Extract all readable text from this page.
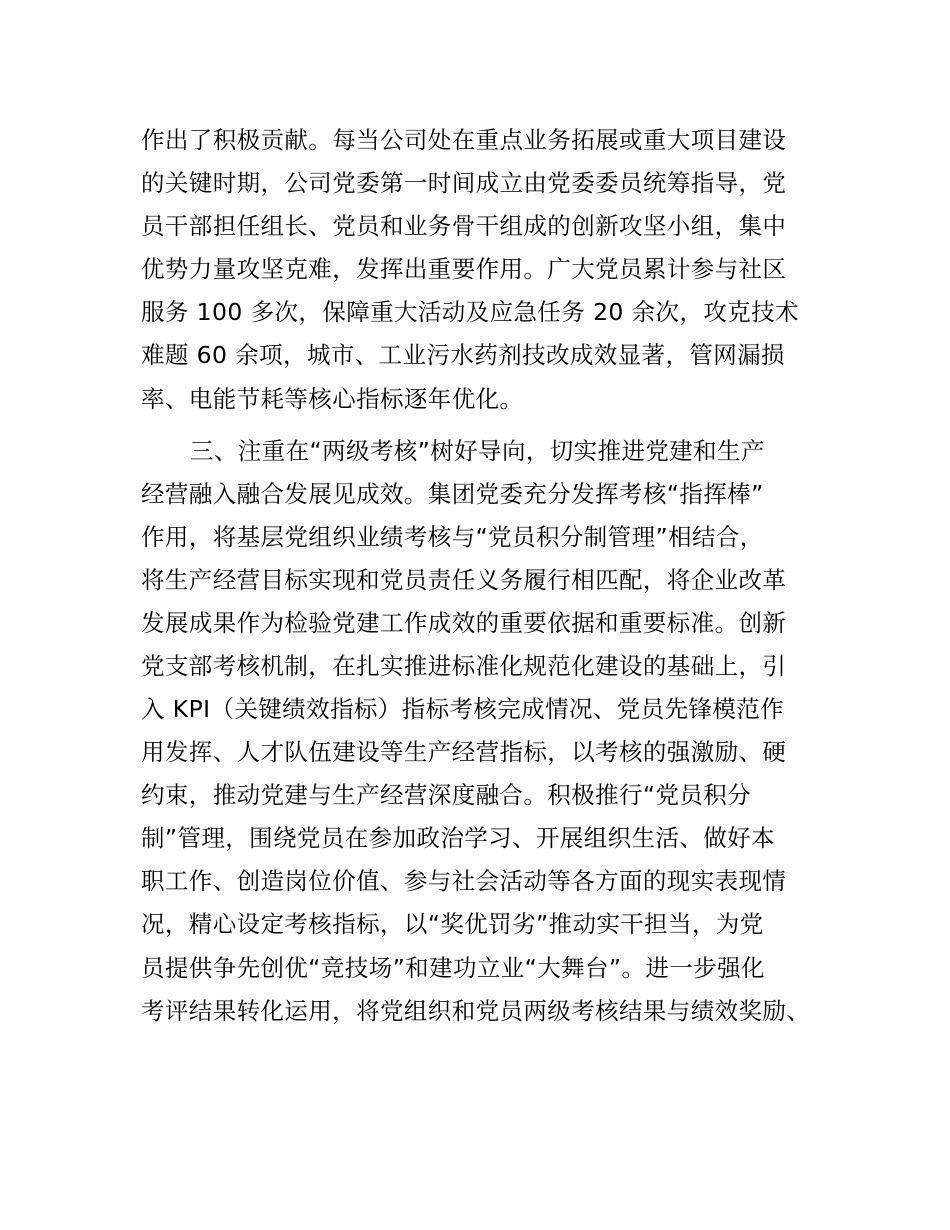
作出了积极贡献。每当公司处在重点业务拓展或重大项目建设
的关键时期，公司党委第一时间成立由党委委员统筹指导，党
员干部担任组长、党员和业务骨干组成的创新攻坚小组，集中
优势力量攻坚克难，发挥出重要作用。广大党员累计参与社区
服务 100 多次，保障重大活动及应急任务 20 余次，攻克技术
难题 60 余项，城市、工业污水药剂技改成效显著，管网漏损
率、电能节耗等核心指标逐年优化。
三、注重在“两级考核”树好导向，切实推进党建和生产
经营融入融合发展见成效。集团党委充分发挥考核“指挥棒”
作用，将基层党组织业绩考核与“党员积分制管理”相结合，
将生产经营目标实现和党员责任义务履行相匹配，将企业改革
发展成果作为检验党建工作成效的重要依据和重要标准。创新
党支部考核机制，在扎实推进标准化规范化建设的基础上，引
入 KPI（关键绩效指标）指标考核完成情况、党员先锋模范作
用发挥、人才队伍建设等生产经营指标，以考核的强激励、硬
约束，推动党建与生产经营深度融合。积极推行“党员积分
制”管理，围绕党员在参加政治学习、开展组织生活、做好本
职工作、创造岗位价值、参与社会活动等各方面的现实表现情
况，精心设定考核指标，以“奖优罚劣”推动实干担当，为党
员提供争先创优“竞技场”和建功立业“大舞台”。进一步强化
考评结果转化运用，将党组织和党员两级考核结果与绩效奖励、
